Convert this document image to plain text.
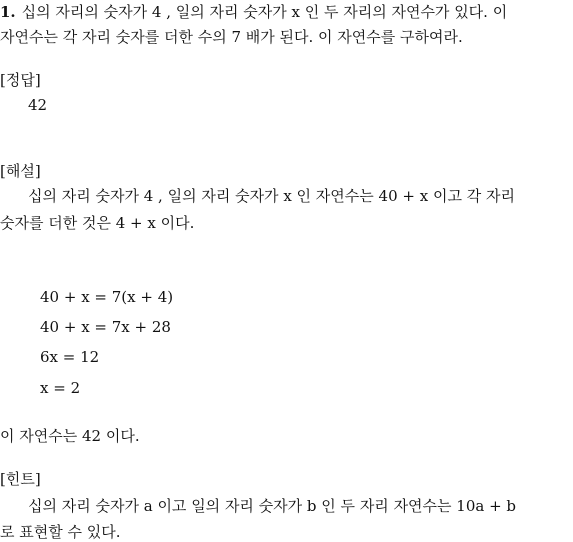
1. 십의 자리의 숫자가 4 , 일의 자리 숫자가 x 인 두 자리의 자연수가 있다. 이
자연수는 각 자리 숫자를 더한 수의 7 배가 된다. 이 자연수를 구하여라.
[정답]
42
[해설]
십의 자리 숫자가 4 , 일의 자리 숫자가 x 인 자연수는 40 + x 이고 각 자리
숫자를 더한 것은 4 + x 이다.
40 + x = 7(x + 4)
40 + x = 7x + 28
6x = 12
x = 2
이 자연수는 42 이다.
[힌트]
십의 자리 숫자가 a 이고 일의 자리 숫자가 b 인 두 자리 자연수는 10a + b
로 표현할 수 있다.
